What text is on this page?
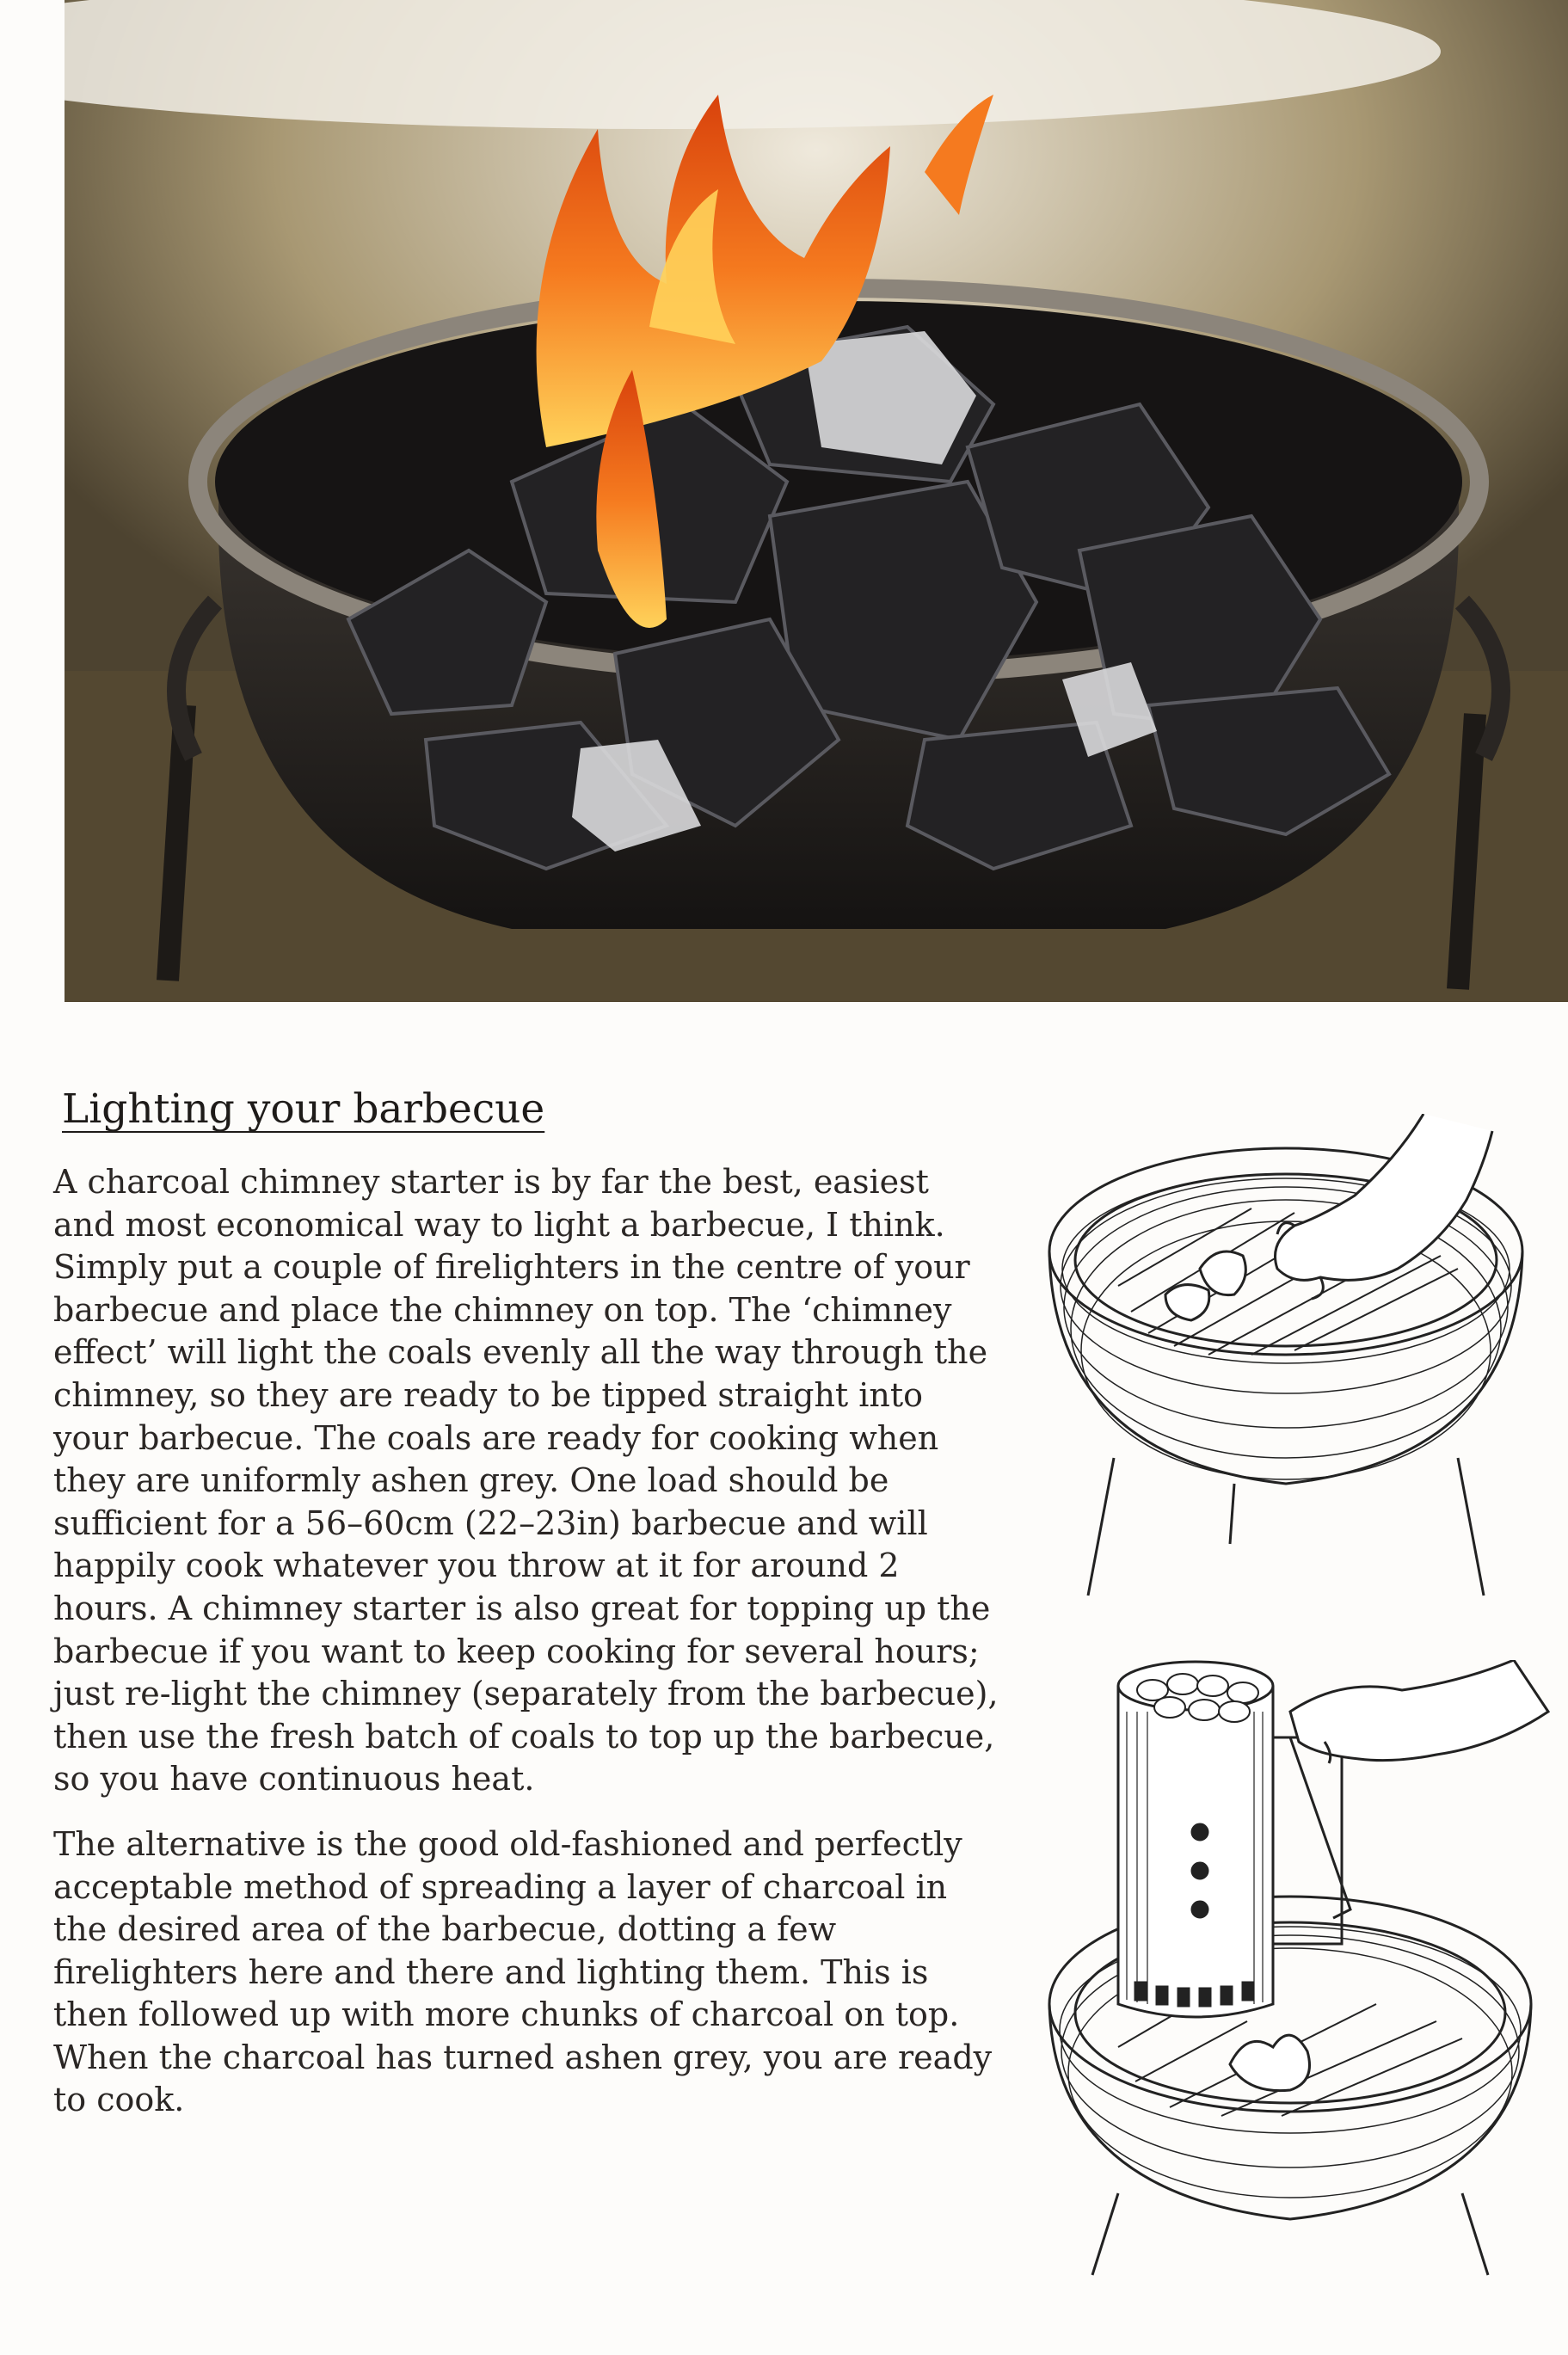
Lighting your barbecue

A charcoal chimney starter is by far the best, easiest and most economical way to light a barbecue, I think. Simply put a couple of firelighters in the centre of your barbecue and place the chimney on top. The ‘chimney effect’ will light the coals evenly all the way through the chimney, so they are ready to be tipped straight into your barbecue. The coals are ready for cooking when they are uniformly ashen grey. One load should be sufficient for a 56–60cm (22–23in) barbecue and will happily cook whatever you throw at it for around 2 hours. A chimney starter is also great for topping up the barbecue if you want to keep cooking for several hours; just re-light the chimney (separately from the barbecue), then use the fresh batch of coals to top up the barbecue, so you have continuous heat.

The alternative is the good old-fashioned and perfectly acceptable method of spreading a layer of charcoal in the desired area of the barbecue, dotting a few firelighters here and there and lighting them. This is then followed up with more chunks of charcoal on top. When the charcoal has turned ashen grey, you are ready to cook.
